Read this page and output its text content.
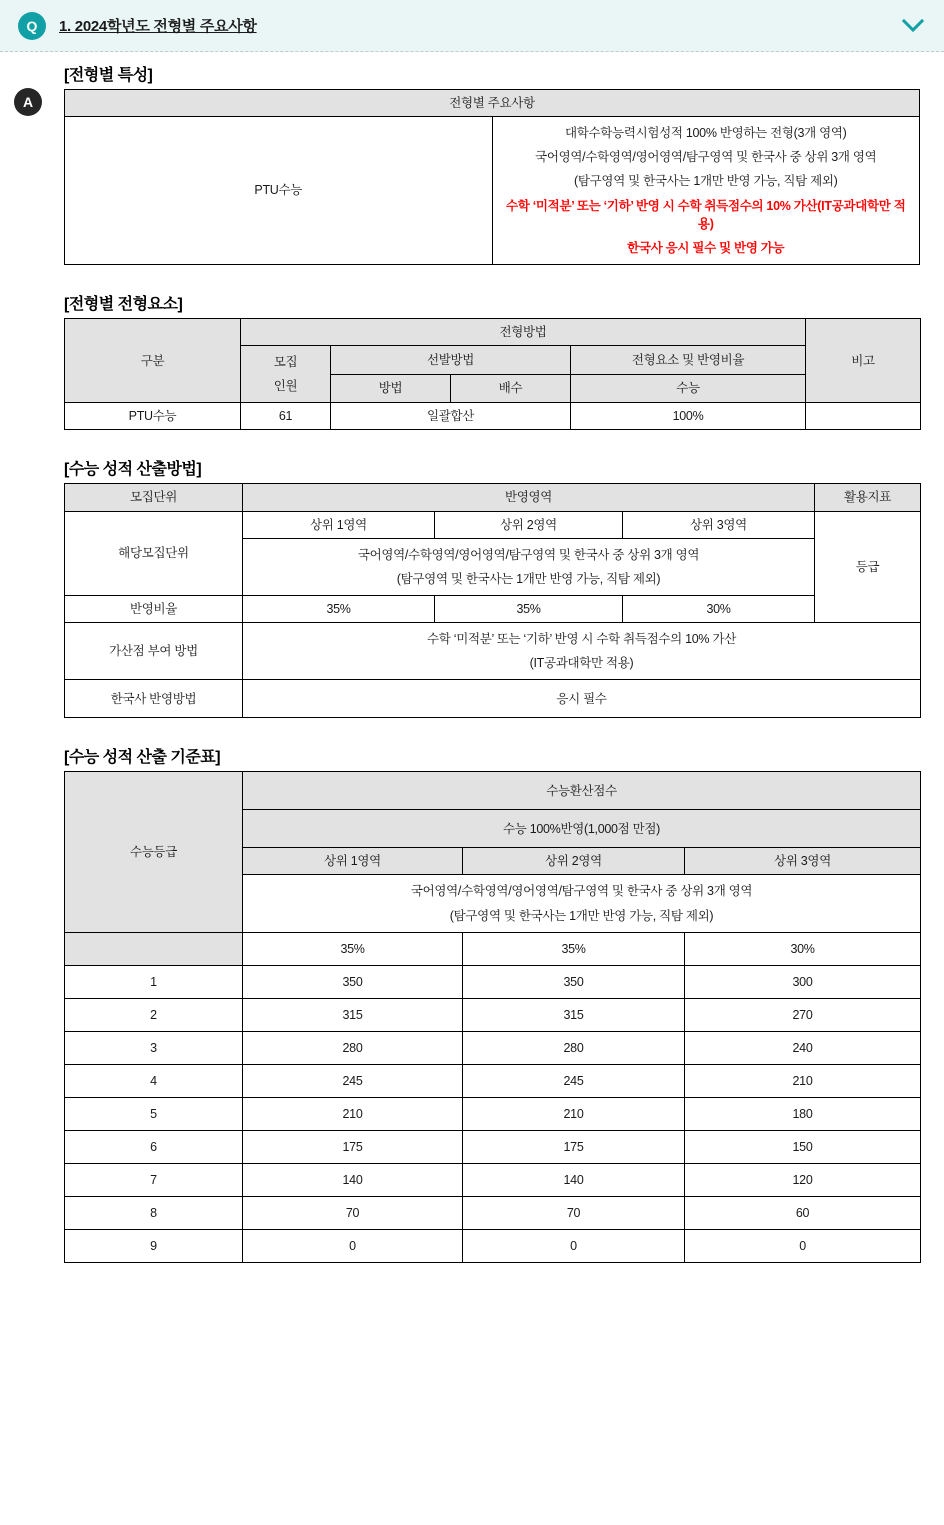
Q	1. 2024학년도 전형별 주요사항
A
[전형별 특성]
전형별 주요사항
PTU수능	
대학수학능력시험성적 100% 반영하는 전형(3개 영역)
국어영역/수학영역/영어영역/탐구영역 및 한국사 중 상위 3개 영역
(탐구영역 및 한국사는 1개만 반영 가능, 직탐 제외)
수학 ‘미적분’ 또는 ‘기하’ 반영 시 수학 취득점수의 10% 가산(IT공과대학만 적용)
한국사 응시 필수 및 반영 가능
[전형별 전형요소]
구분	전형방법				비고

	모집
인원	선발방법		전형요소 및 반영비율	
		방법	배수	수능	
PTU수능	61	일괄합산		100%	
[수능 성적 산출방법]
모집단위	반영영역			활용지표
해당모집단위	상위 1영역	상위 2영역	상위 3영역	등급

	국어영역/수학영역/영어영역/탐구영역 및 한국사 중 상위 3개 영역
(탐구영역 및 한국사는 1개만 반영 가능, 직탐 제외)			

반영비율	35%	35%	30%	
가산점 부여 방법	수학 ‘미적분’ 또는 ‘기하’ 반영 시 수학 취득점수의 10% 가산
(IT공과대학만 적용)			

한국사 반영방법	응시 필수			
[수능 성적 산출 기준표]
수능등급	수능환산점수		
	수능 100%반영(1,000점 만점)		
	상위 1영역	상위 2영역	상위 3영역

	국어영역/수학영역/영어영역/탐구영역 및 한국사 중 상위 3개 영역
(탐구영역 및 한국사는 1개만 반영 가능, 직탐 제외)		

	35%	35%	30%
1	350	350	300
2	315	315	270
3	280	280	240
4	245	245	210
5	210	210	180
6	175	175	150
7	140	140	120
8	70	70	60
9	0	0	0
